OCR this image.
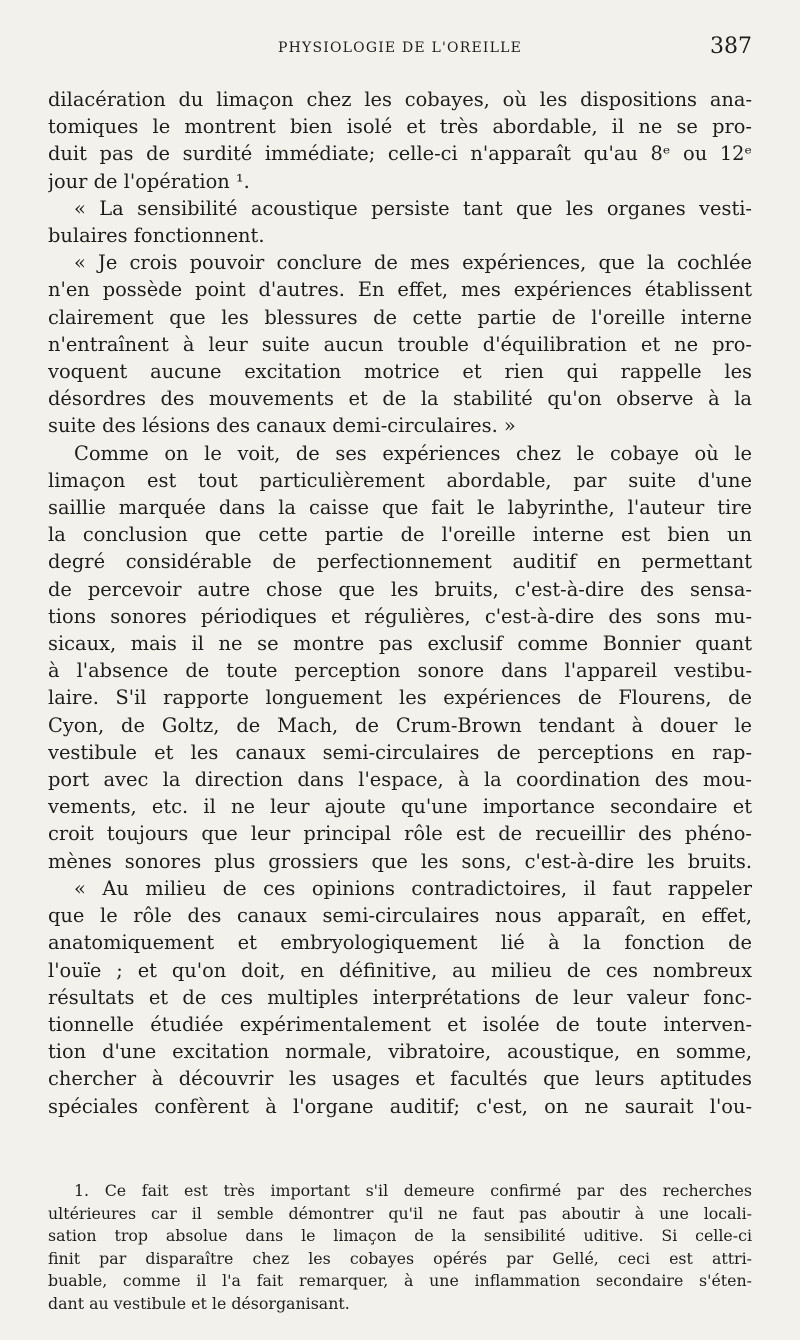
PHYSIOLOGIE DE L'OREILLE	387
dilacération du limaçon chez les cobayes, où les dispositions ana-
tomiques le montrent bien isolé et très abordable, il ne se pro-
duit pas de surdité immédiate; celle-ci n'apparaît qu'au 8ᵉ ou 12ᵉ
jour de l'opération ¹.
« La sensibilité acoustique persiste tant que les organes vesti-
bulaires fonctionnent.
« Je crois pouvoir conclure de mes expériences, que la cochlée
n'en possède point d'autres. En effet, mes expériences établissent
clairement que les blessures de cette partie de l'oreille interne
n'entraînent à leur suite aucun trouble d'équilibration et ne pro-
voquent aucune excitation motrice et rien qui rappelle les
désordres des mouvements et de la stabilité qu'on observe à la
suite des lésions des canaux demi-circulaires. »
Comme on le voit, de ses expériences chez le cobaye où le
limaçon est tout particulièrement abordable, par suite d'une
saillie marquée dans la caisse que fait le labyrinthe, l'auteur tire
la conclusion que cette partie de l'oreille interne est bien un
degré considérable de perfectionnement auditif en permettant
de percevoir autre chose que les bruits, c'est-à-dire des sensa-
tions sonores périodiques et régulières, c'est-à-dire des sons mu-
sicaux, mais il ne se montre pas exclusif comme Bonnier quant
à l'absence de toute perception sonore dans l'appareil vestibu-
laire. S'il rapporte longuement les expériences de Flourens, de
Cyon, de Goltz, de Mach, de Crum-Brown tendant à douer le
vestibule et les canaux semi-circulaires de perceptions en rap-
port avec la direction dans l'espace, à la coordination des mou-
vements, etc. il ne leur ajoute qu'une importance secondaire et
croit toujours que leur principal rôle est de recueillir des phéno-
mènes sonores plus grossiers que les sons, c'est-à-dire les bruits.
« Au milieu de ces opinions contradictoires, il faut rappeler
que le rôle des canaux semi-circulaires nous apparaît, en effet,
anatomiquement et embryologiquement lié à la fonction de
l'ouïe ; et qu'on doit, en définitive, au milieu de ces nombreux
résultats et de ces multiples interprétations de leur valeur fonc-
tionnelle étudiée expérimentalement et isolée de toute interven-
tion d'une excitation normale, vibratoire, acoustique, en somme,
chercher à découvrir les usages et facultés que leurs aptitudes
spéciales confèrent à l'organe auditif; c'est, on ne saurait l'ou-
1. Ce fait est très important s'il demeure confirmé par des recherches
ultérieures car il semble démontrer qu'il ne faut pas aboutir à une locali-
sation trop absolue dans le limaçon de la sensibilité uditive. Si celle-ci
finit par disparaître chez les cobayes opérés par Gellé, ceci est attri-
buable, comme il l'a fait remarquer, à une inflammation secondaire s'éten-
dant au vestibule et le désorganisant.
